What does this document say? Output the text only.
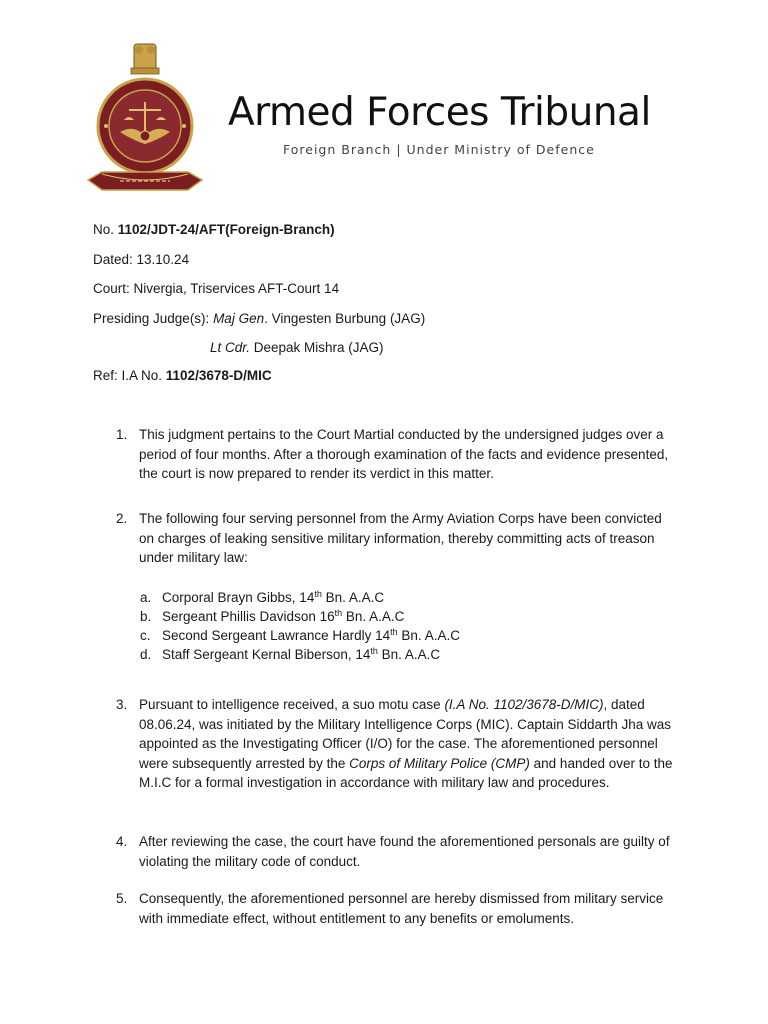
Armed Forces Tribunal
Foreign Branch | Under Ministry of Defence
No. 1102/JDT-24/AFT(Foreign-Branch)
Dated: 13.10.24
Court: Nivergia, Triservices AFT-Court 14
Presiding Judge(s): Maj Gen. Vingesten Burbung (JAG)
Lt Cdr. Deepak Mishra (JAG)
Ref: I.A No. 1102/3678-D/MIC
1. This judgment pertains to the Court Martial conducted by the undersigned judges over a period of four months. After a thorough examination of the facts and evidence presented, the court is now prepared to render its verdict in this matter.
2. The following four serving personnel from the Army Aviation Corps have been convicted on charges of leaking sensitive military information, thereby committing acts of treason under military law:
a. Corporal Brayn Gibbs, 14th Bn. A.A.C
b. Sergeant Phillis Davidson 16th Bn. A.A.C
c. Second Sergeant Lawrance Hardly 14th Bn. A.A.C
d. Staff Sergeant Kernal Biberson, 14th Bn. A.A.C
3. Pursuant to intelligence received, a suo motu case (I.A No. 1102/3678-D/MIC), dated 08.06.24, was initiated by the Military Intelligence Corps (MIC). Captain Siddarth Jha was appointed as the Investigating Officer (I/O) for the case. The aforementioned personnel were subsequently arrested by the Corps of Military Police (CMP) and handed over to the M.I.C for a formal investigation in accordance with military law and procedures.
4. After reviewing the case, the court have found the aforementioned personals are guilty of violating the military code of conduct.
5. Consequently, the aforementioned personnel are hereby dismissed from military service with immediate effect, without entitlement to any benefits or emoluments.
